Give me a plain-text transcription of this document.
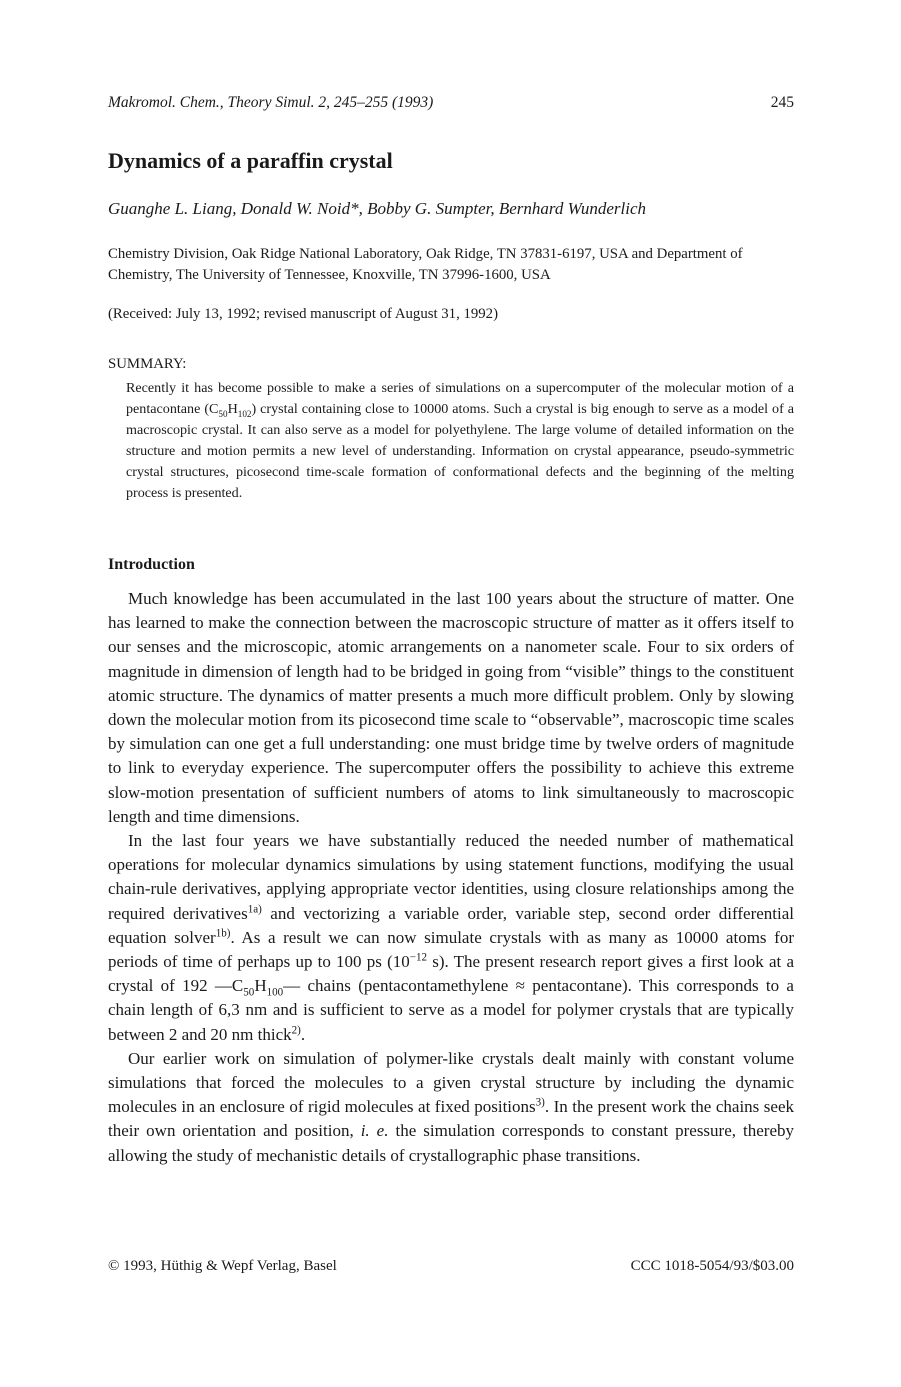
Makromol. Chem., Theory Simul. 2, 245–255 (1993)	245
Dynamics of a paraffin crystal
Guanghe L. Liang, Donald W. Noid*, Bobby G. Sumpter, Bernhard Wunderlich
Chemistry Division, Oak Ridge National Laboratory, Oak Ridge, TN 37831-6197, USA and Department of Chemistry, The University of Tennessee, Knoxville, TN 37996-1600, USA
(Received: July 13, 1992; revised manuscript of August 31, 1992)
SUMMARY:

Recently it has become possible to make a series of simulations on a supercomputer of the molecular motion of a pentacontane $(C_{50}H_{102})$ crystal containing close to 10000 atoms. Such a crystal is big enough to serve as a model of a macroscopic crystal. It can also serve as a model for polyethylene. The large volume of detailed information on the structure and motion permits a new level of understanding. Information on crystal appearance, pseudo-symmetric crystal structures, picosecond time-scale formation of conformational defects and the beginning of the melting process is presented.

Introduction

Much knowledge has been accumulated in the last 100 years about the structure of matter. One has learned to make the connection between the macroscopic structure of matter as it offers itself to our senses and the microscopic, atomic arrangements on a nanometer scale. Four to six orders of magnitude in dimension of length had to be bridged in going from “visible” things to the constituent atomic structure. The dynamics of matter presents a much more difficult problem. Only by slowing down the molecular motion from its picosecond time scale to “observable”, macroscopic time scales by simulation can one get a full understanding: one must bridge time by twelve orders of magnitude to link to everyday experience. The supercomputer offers the possibility to achieve this extreme slow-motion presentation of sufficient numbers of atoms to link simultaneously to macroscopic length and time dimensions.

In the last four years we have substantially reduced the needed number of mathematical operations for molecular dynamics simulations by using statement functions, modifying the usual chain-rule derivatives, applying appropriate vector identities, using closure relationships among the required derivatives$^{1a)}$ and vectorizing a variable order, variable step, second order differential equation solver$^{1b)}$. As a result we can now simulate crystals with as many as 10000 atoms for periods of time of perhaps up to 100 ps ($10^{-12}$ s). The present research report gives a first look at a crystal of 192 $—C_{50}H_{100}—$ chains (pentacontamethylene ≈ pentacontane). This corresponds to a chain length of 6,3 nm and is sufficient to serve as a model for polymer crystals that are typically between 2 and 20 nm thick$^{2)}$.

Our earlier work on simulation of polymer-like crystals dealt mainly with constant volume simulations that forced the molecules to a given crystal structure by including the dynamic molecules in an enclosure of rigid molecules at fixed positions$^{3)}$. In the present work the chains seek their own orientation and position, i. e. the simulation corresponds to constant pressure, thereby allowing the study of mechanistic details of crystallographic phase transitions.

© 1993, Hüthig & Wepf Verlag, Basel	CCC 1018-5054/93/$03.00
